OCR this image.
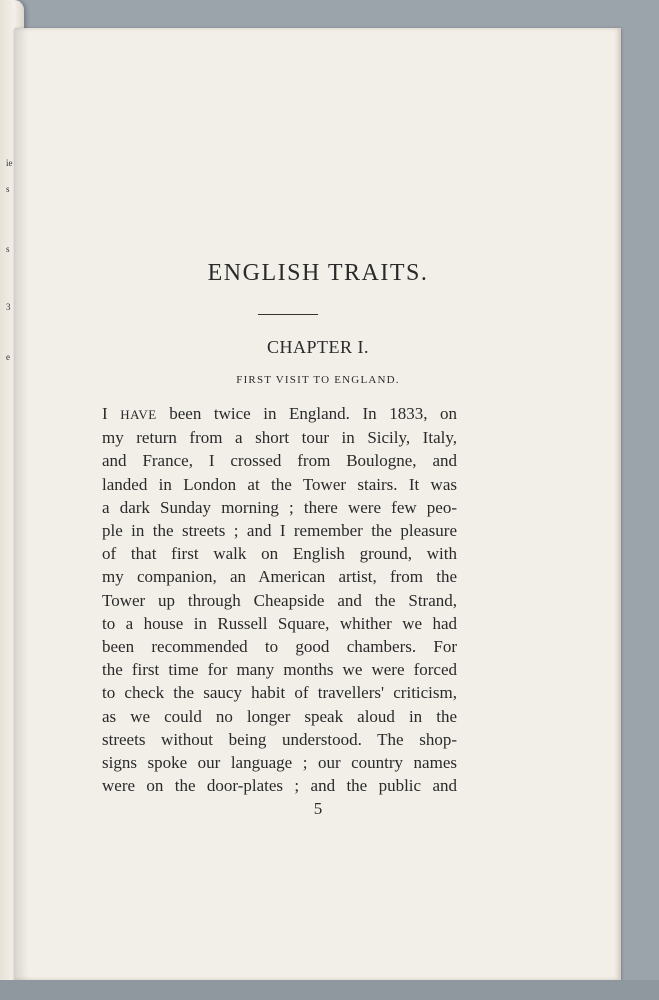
ie
s
s
3
e
ENGLISH TRAITS.
CHAPTER I.
FIRST VISIT TO ENGLAND.
I HAVE been twice in England. In 1833, on
my return from a short tour in Sicily, Italy,
and France, I crossed from Boulogne, and
landed in London at the Tower stairs. It was
a dark Sunday morning ; there were few peo-
ple in the streets ; and I remember the pleasure
of that first walk on English ground, with
my companion, an American artist, from the
Tower up through Cheapside and the Strand,
to a house in Russell Square, whither we had
been recommended to good chambers. For
the first time for many months we were forced
to check the saucy habit of travellers' criticism,
as we could no longer speak aloud in the
streets without being understood. The shop-
signs spoke our language ; our country names
were on the door-plates ; and the public and
5
